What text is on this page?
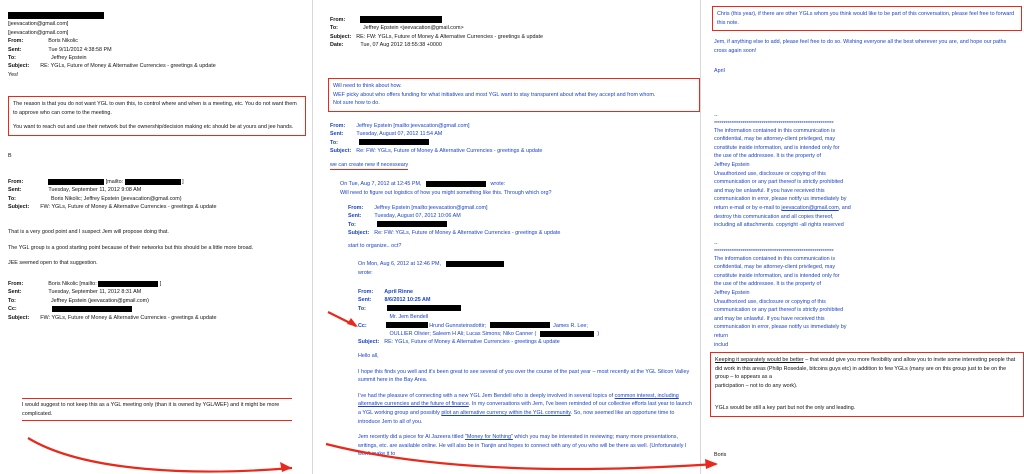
[jeevacation@gmail.com]
[jeevacation@gmail.com]
From:	Boris Nikolic
Sent:	Tue 9/11/2012 4:38:58 PM
To:	Jeffrey Epstein
Subject: RE: YGLs, Future of Money & Alternative Currencies - greetings & update
Yes!
The reason is that you do not want YGL to own this, to control where and when is a meeting, etc. You do not want them to approve who can come to the meeting.
You want to reach out and use their network but the ownership/decision making etc should be at yours and jee hands.
B
From:	[mailto:	]
Sent:	Tuesday, September 11, 2012 9:08 AM
To:	Boris Nikolic; Jeffrey Epstein (jeevacation@gmail.com)
Subject: FW: YGLs, Future of Money & Alternative Currencies - greetings & update
That is a very good point and I suspect Jem will propose doing that.
The YGL group is a good starting point because of their networks but this should be a little more broad.
JEE seemed open to that suggestion.
From:	Boris Nikolic [mailto:	]
Sent:	Tuesday, September 11, 2012 8:31 AM
To:	Jeffrey Epstein (jeevacation@gmail.com)
Cc:
Subject: FW: YGLs, Future of Money & Alternative Currencies - greetings & update
I would suggest to not keep this as a YGL meeting only (than it is owned by YGL/WEF) and it might be more complicated.
From:
To:	Jeffrey Epstein <jeevacation@gmail.com>
Subject: RE: FW: YGLs, Future of Money & Alternative Currencies - greetings & update
Date:	Tue, 07 Aug 2012 18:55:38 +0000
Will need to think about how.
WEF picky about who offers funding for what initiatives and most YGL want to stay transparent about what they accept and from whom.
Not sure how to do.
From: Jeffrey Epstein [mailto:jeevacation@gmail.com]
Sent: Tuesday, August 07, 2012 11:54 AM
To:
Subject: Re: FW: YGLs, Future of Money & Alternative Currencies - greetings & update
we can create new if necesseary
On Tue, Aug 7, 2012 at 12:45 PM,	wrote:
Will need to figure out logistics of how you might something like this. Through which org?
From: Jeffrey Epstein [mailto:jeevacation@gmail.com]
Sent: Tuesday, August 07, 2012 10:06 AM
To:
Subject: Re: FW: YGLs, Future of Money & Alternative Currencies - greetings & update
start to organize.. oct?
On Mon, Aug 6, 2012 at 12:46 PM,
wrote:
From: April Rinne
Sent: 8/6/2012 10:25 AM
To:
Mr. Jem Bendell
Cc:	Hrund Gunnsteinsdottir;	James R. Lee;
OULLIER Olivier; Saleem H Ali; Lucas Simons; Niko Canner (	)
Subject: RE: YGLs, Future of Money & Alternative Currencies - greetings & update
Hello all,
I hope this finds you well and it's been great to see several of you over the course of the past year – most recently at the YGL Silicon Valley summit here in the Bay Area.
I've had the pleasure of connecting with a new YGL Jem Bendell who is deeply involved in several topics of common interest, including alternative currencies and the future of finance. In my conversations with Jem, I've been reminded of our collective efforts last year to launch a YGL working group and possibly pilot an alternative currency within the YGL community. So, now seemed like an opportune time to introduce Jem to all of you.
Jem recently did a piece for Al Jazeera titled "Money for Nothing" which you may be interested in reviewing; many more presentations, writings, etc. are available online. He will also be in Tianjin and hopes to connect with any of you who will be there as well. (Unfortunately I won't make it to
Chris (this year), if there are other YGLs whom you think would like to be part of this conversation, please feel free to forward this note.
Jem, if anything else to add, please feel free to do so. Wishing everyone all the best wherever you are, and hope our paths cross again soon!
April
--
***************************************************************
The information contained in this communication is
confidential, may be attorney-client privileged, may
constitute inside information, and is intended only for
the use of the addressee. It is the property of
Jeffrey Epstein
Unauthorized use, disclosure or copying of this
communication or any part thereof is strictly prohibited
and may be unlawful. If you have received this
communication in error, please notify us immediately by
return e-mail or by e-mail to jeevacation@gmail.com, and
destroy this communication and all copies thereof,
including all attachments. copyright -all rights reserved
--
***************************************************************
The information contained in this communication is
confidential, may be attorney-client privileged, may
constitute inside information, and is intended only for
the use of the addressee. It is the property of
Jeffrey Epstein
Unauthorized use, disclosure or copying of this
communication or any part thereof is strictly prohibited
and may be unlawful. If you have received this
communication in error, please notify us immediately by
return
includ
Keeping it separately would be better – that would give you more flexibility and allow you to invite some interesting people that did work in this areas (Philip Rosedale, bitcoins guys etc) in addition to few YGLs (many are on this group just to be on the group – to appears as a
participation – not to do any work).
YGLs would be still a key part but not the only and leading.
Boris
